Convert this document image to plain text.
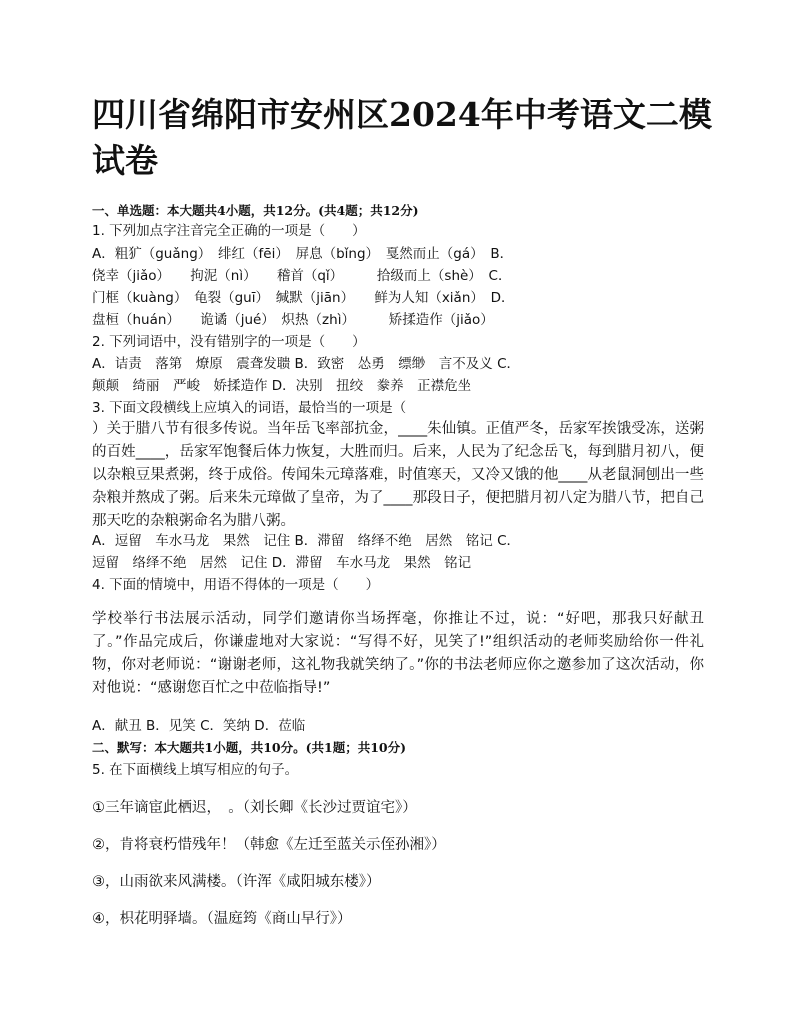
四川省绵阳市安州区2024年中考语文二模试卷
一、单选题：本大题共4小题，共12分。(共4题；共12分)
1. 下列加点字注音完全正确的一项是（　　）
A．粗犷（guǎng）　绯红（fēi）　屏息（bǐng）　戛然而止（gá）　B．
侥幸（jiǎo）　　拘泥（nì）　　稽首（qǐ）　　　拾级而上（shè）　C．
门框（kuàng）　龟裂（guī）　缄默（jiān）　　鲜为人知（xiǎn）　D．
盘桓（huán）　　诡谲（jué）　炽热（zhì）　　　矫揉造作（jiǎo）
2. 下列词语中，没有错别字的一项是（　　）
A．诘责　落第　燎原　震聋发聩 B．致密　怂勇　缥缈　言不及义 C．
颠颠　绮丽　严峻　娇揉造作 D．决别　扭绞　豢养　正襟危坐
3. 下面文段横线上应填入的词语，最恰当的一项是（
）关于腊八节有很多传说。当年岳飞率部抗金，____朱仙镇。正值严冬，岳家军挨饿受冻，送粥的百姓____，岳家军饱餐后体力恢复，大胜而归。后来，人民为了纪念岳飞，每到腊月初八，便以杂粮豆果煮粥，终于成俗。传闻朱元璋落难，时值寒天，又冷又饿的他____从老鼠洞刨出一些杂粮并熬成了粥。后来朱元璋做了皇帝，为了____那段日子，便把腊月初八定为腊八节，把自己那天吃的杂粮粥命名为腊八粥。
A．逗留　车水马龙　果然　记住 B．滞留　络绎不绝　居然　铭记 C．
逗留　络绎不绝　居然　记住 D．滞留　车水马龙　果然　铭记
4. 下面的情境中，用语不得体的一项是（　　）
学校举行书法展示活动，同学们邀请你当场挥毫，你推让不过，说：“好吧，那我只好献丑了。”作品完成后，你谦虚地对大家说：“写得不好，见笑了!”组织活动的老师奖励给你一件礼物，你对老师说：“谢谢老师，这礼物我就笑纳了。”你的书法老师应你之邀参加了这次活动，你对他说：“感谢您百忙之中莅临指导!”
A．献丑 B．见笑 C．笑纳 D．莅临
二、默写：本大题共1小题，共10分。(共1题；共10分)
5. 在下面横线上填写相应的句子。
①三年谪宦此栖迟，　。（刘长卿《长沙过贾谊宅》）
②，肯将衰朽惜残年！（韩愈《左迁至蓝关示侄孙湘》）
③，山雨欲来风满楼。（许浑《咸阳城东楼》）
④，枳花明驿墙。（温庭筠《商山早行》）
